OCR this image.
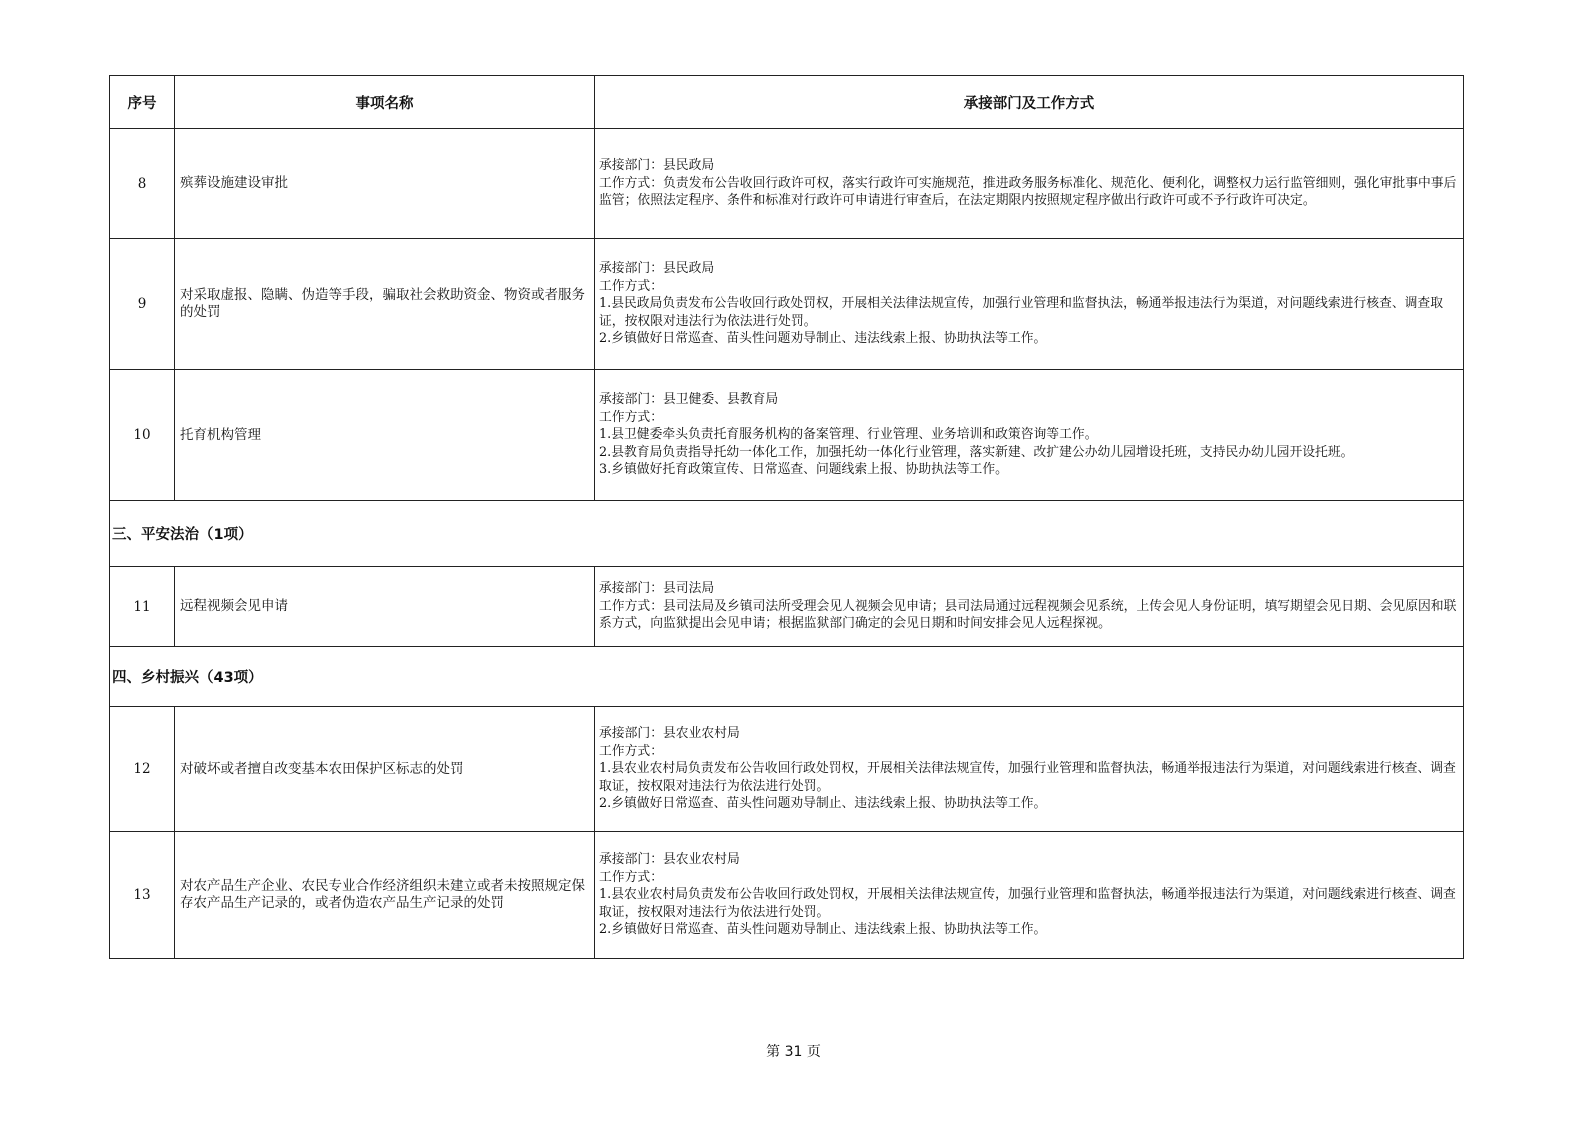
序号	事项名称	承接部门及工作方式
8	殡葬设施建设审批	承接部门：县民政局
工作方式：负责发布公告收回行政许可权，落实行政许可实施规范，推进政务服务标准化、规范化、便利化，调整权力运行监管细则，强化审批事中事后监管；依照法定程序、条件和标准对行政许可申请进行审查后，在法定期限内按照规定程序做出行政许可或不予行政许可决定。

9	对采取虚报、隐瞒、伪造等手段，骗取社会救助资金、物资或者服务的处罚	承接部门：县民政局
工作方式：
1.县民政局负责发布公告收回行政处罚权，开展相关法律法规宣传，加强行业管理和监督执法，畅通举报违法行为渠道，对问题线索进行核查、调查取证，按权限对违法行为依法进行处罚。
2.乡镇做好日常巡查、苗头性问题劝导制止、违法线索上报、协助执法等工作。

10	托育机构管理	承接部门：县卫健委、县教育局
工作方式：
1.县卫健委牵头负责托育服务机构的备案管理、行业管理、业务培训和政策咨询等工作。
2.县教育局负责指导托幼一体化工作，加强托幼一体化行业管理，落实新建、改扩建公办幼儿园增设托班，支持民办幼儿园开设托班。
3.乡镇做好托育政策宣传、日常巡查、问题线索上报、协助执法等工作。

三、平安法治（1项）		
11	远程视频会见申请	承接部门：县司法局
工作方式：县司法局及乡镇司法所受理会见人视频会见申请；县司法局通过远程视频会见系统，上传会见人身份证明，填写期望会见日期、会见原因和联系方式，向监狱提出会见申请；根据监狱部门确定的会见日期和时间安排会见人远程探视。

四、乡村振兴（43项）		
12	对破坏或者擅自改变基本农田保护区标志的处罚	承接部门：县农业农村局
工作方式：
1.县农业农村局负责发布公告收回行政处罚权，开展相关法律法规宣传，加强行业管理和监督执法，畅通举报违法行为渠道，对问题线索进行核查、调查取证，按权限对违法行为依法进行处罚。
2.乡镇做好日常巡查、苗头性问题劝导制止、违法线索上报、协助执法等工作。

13	对农产品生产企业、农民专业合作经济组织未建立或者未按照规定保存农产品生产记录的，或者伪造农产品生产记录的处罚	承接部门：县农业农村局
工作方式：
1.县农业农村局负责发布公告收回行政处罚权，开展相关法律法规宣传，加强行业管理和监督执法，畅通举报违法行为渠道，对问题线索进行核查、调查取证，按权限对违法行为依法进行处罚。
2.乡镇做好日常巡查、苗头性问题劝导制止、违法线索上报、协助执法等工作。
第 31 页
